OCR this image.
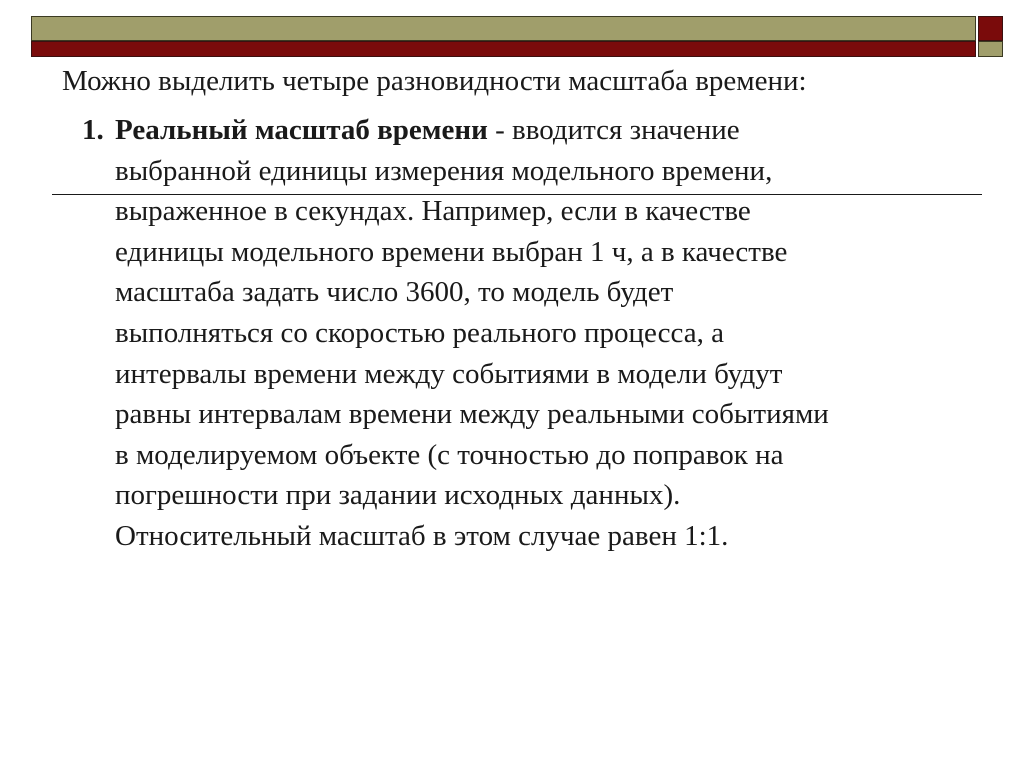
Можно выделить четыре разновидности масштаба времени:

1. Реальный масштаб времени - вводится значение
выбранной единицы измерения модельного времени,
выраженное в секундах. Например, если в качестве
единицы модельного времени выбран 1 ч, а в качестве
масштаба задать число 3600, то модель будет
выполняться со скоростью реального процесса, а
интервалы времени между событиями в модели будут
равны интервалам времени между реальными событиями
в моделируемом объекте (с точностью до поправок на
погрешности при задании исходных данных).
Относительный масштаб в этом случае равен 1:1.
